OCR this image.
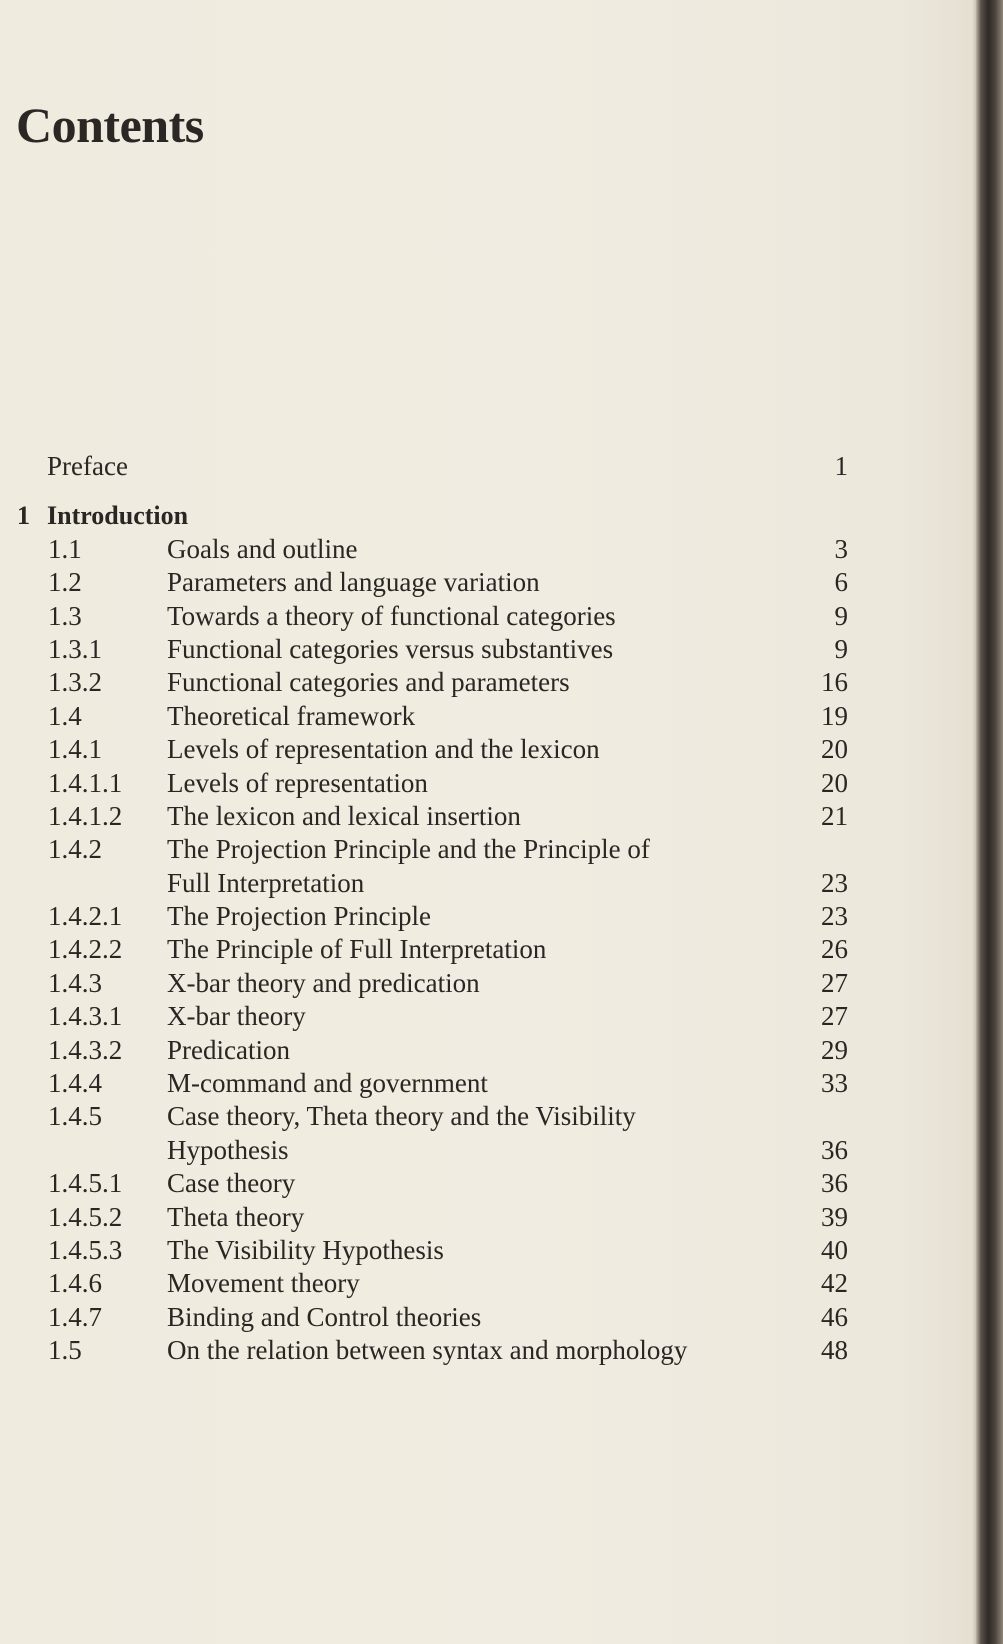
Contents
Preface	1
1 Introduction
1.1	Goals and outline	3
1.2	Parameters and language variation	6
1.3	Towards a theory of functional categories	9
1.3.1 Functional categories versus substantives	9
1.3.2 Functional categories and parameters	16
1.4	Theoretical framework	19
1.4.1 Levels of representation and the lexicon	20
1.4.1.1 Levels of representation	20
1.4.1.2 The lexicon and lexical insertion	21
1.4.2 The Projection Principle and the Principle of
Full Interpretation	23
1.4.2.1 The Projection Principle	23
1.4.2.2 The Principle of Full Interpretation	26
1.4.3 X-bar theory and predication	27
1.4.3.1 X-bar theory	27
1.4.3.2 Predication	29
1.4.4 M-command and government	33
1.4.5 Case theory, Theta theory and the Visibility
Hypothesis	36
1.4.5.1 Case theory	36
1.4.5.2 Theta theory	39
1.4.5.3 The Visibility Hypothesis	40
1.4.6 Movement theory	42
1.4.7 Binding and Control theories	46
1.5	On the relation between syntax and morphology	48
